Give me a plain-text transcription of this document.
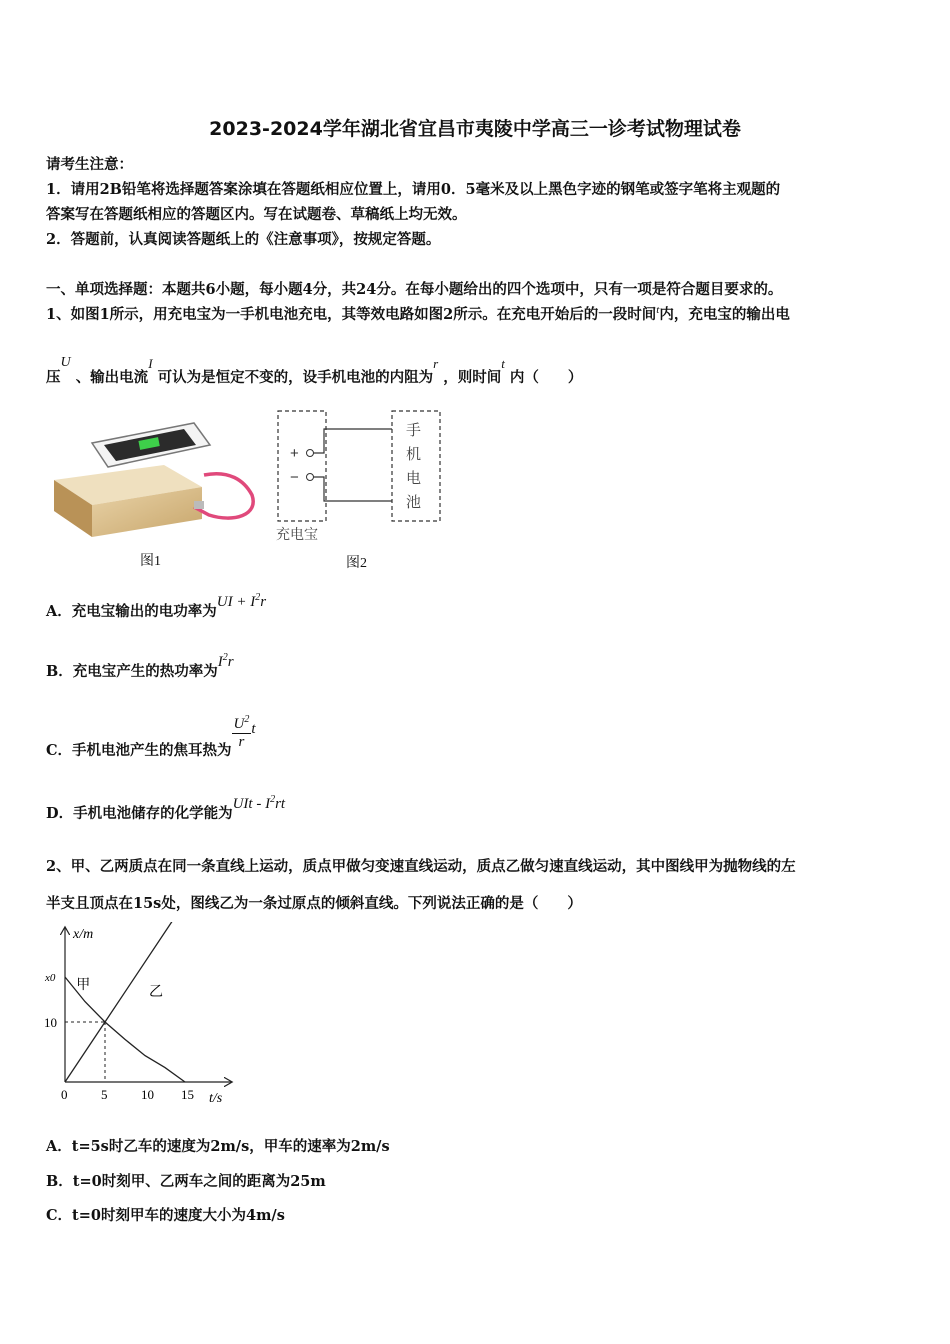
2023-2024学年湖北省宜昌市夷陵中学高三一诊考试物理试卷
请考生注意：
1．请用2B铅笔将选择题答案涂填在答题纸相应位置上，请用0．5毫米及以上黑色字迹的钢笔或签字笔将主观题的
答案写在答题纸相应的答题区内。写在试题卷、草稿纸上均无效。
2．答题前，认真阅读答题纸上的《注意事项》，按规定答题。
一、单项选择题：本题共6小题，每小题4分，共24分。在每小题给出的四个选项中，只有一项是符合题目要求的。
1、如图1所示，用充电宝为一手机电池充电，其等效电路如图2所示。在充电开始后的一段时间$^t$内，充电宝的输出电
压$^U$ 、输出电流$^I$ 可认为是恒定不变的，设手机电池的内阻为$^r$ ，则时间$^t$ 内（　　）
图1
+
−
手
机
电
池
充电宝
图2
A．充电宝输出的电功率为UI + $I^2r$
B．充电宝产生的热功率为$I^2r$
C．手机电池产生的焦耳热为 $\frac{U^2}{r}$ t
D．手机电池储存的化学能为UIt - $I^2rt$
2、甲、乙两质点在同一条直线上运动，质点甲做匀变速直线运动，质点乙做匀速直线运动，其中图线甲为抛物线的左
半支且顶点在15s处，图线乙为一条过原点的倾斜直线。下列说法正确的是（　　）
x/m
t/s
0	5	10 15
10
x0 甲	乙
A．t=5s时乙车的速度为2m/s，甲车的速率为2m/s
B．t=0时刻甲、乙两车之间的距离为25m
C．t=0时刻甲车的速度大小为4m/s
